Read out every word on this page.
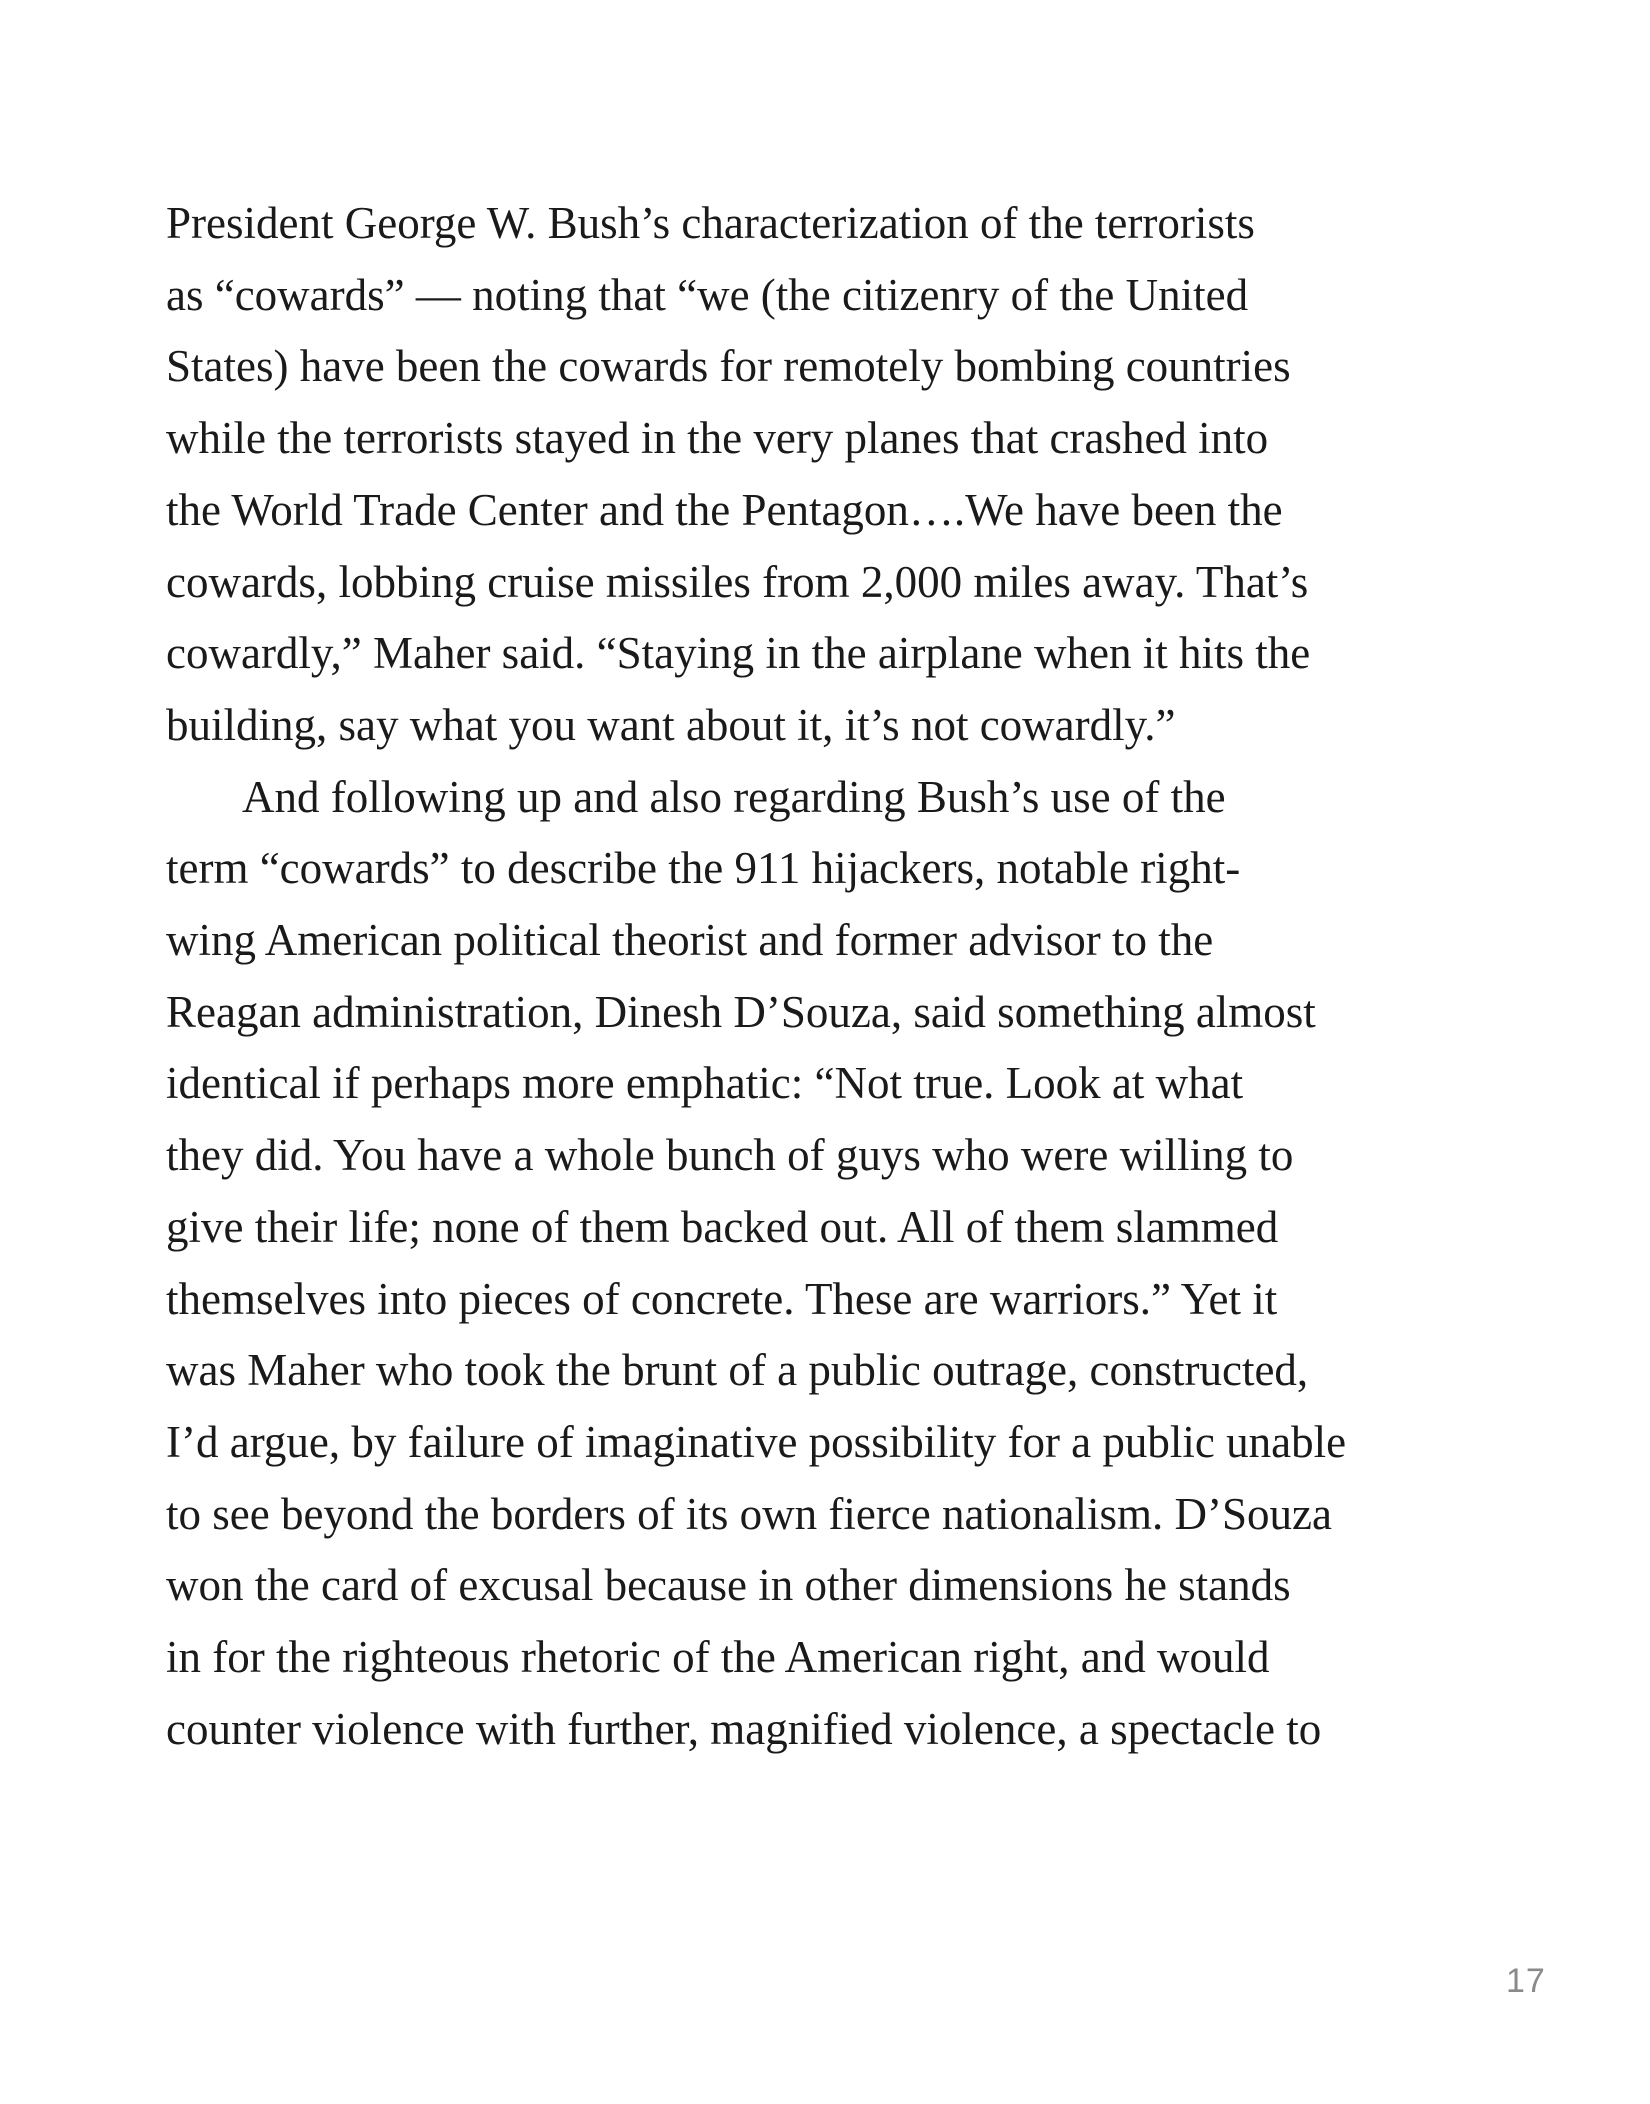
President George W. Bush’s characterization of the terrorists
as “cowards” — noting that “we (the citizenry of the United
States) have been the cowards for remotely bombing countries
while the terrorists stayed in the very planes that crashed into
the World Trade Center and the Pentagon….We have been the
cowards, lobbing cruise missiles from 2,000 miles away. That’s
cowardly,” Maher said. “Staying in the airplane when it hits the
building, say what you want about it, it’s not cowardly.”
And following up and also regarding Bush’s use of the
term “cowards” to describe the 911 hijackers, notable right-
wing American political theorist and former advisor to the
Reagan administration, Dinesh D’Souza, said something almost
identical if perhaps more emphatic: “Not true. Look at what
they did. You have a whole bunch of guys who were willing to
give their life; none of them backed out. All of them slammed
themselves into pieces of concrete. These are warriors.” Yet it
was Maher who took the brunt of a public outrage, constructed,
I’d argue, by failure of imaginative possibility for a public unable
to see beyond the borders of its own fierce nationalism. D’Souza
won the card of excusal because in other dimensions he stands
in for the righteous rhetoric of the American right, and would
counter violence with further, magnified violence, a spectacle to
17
